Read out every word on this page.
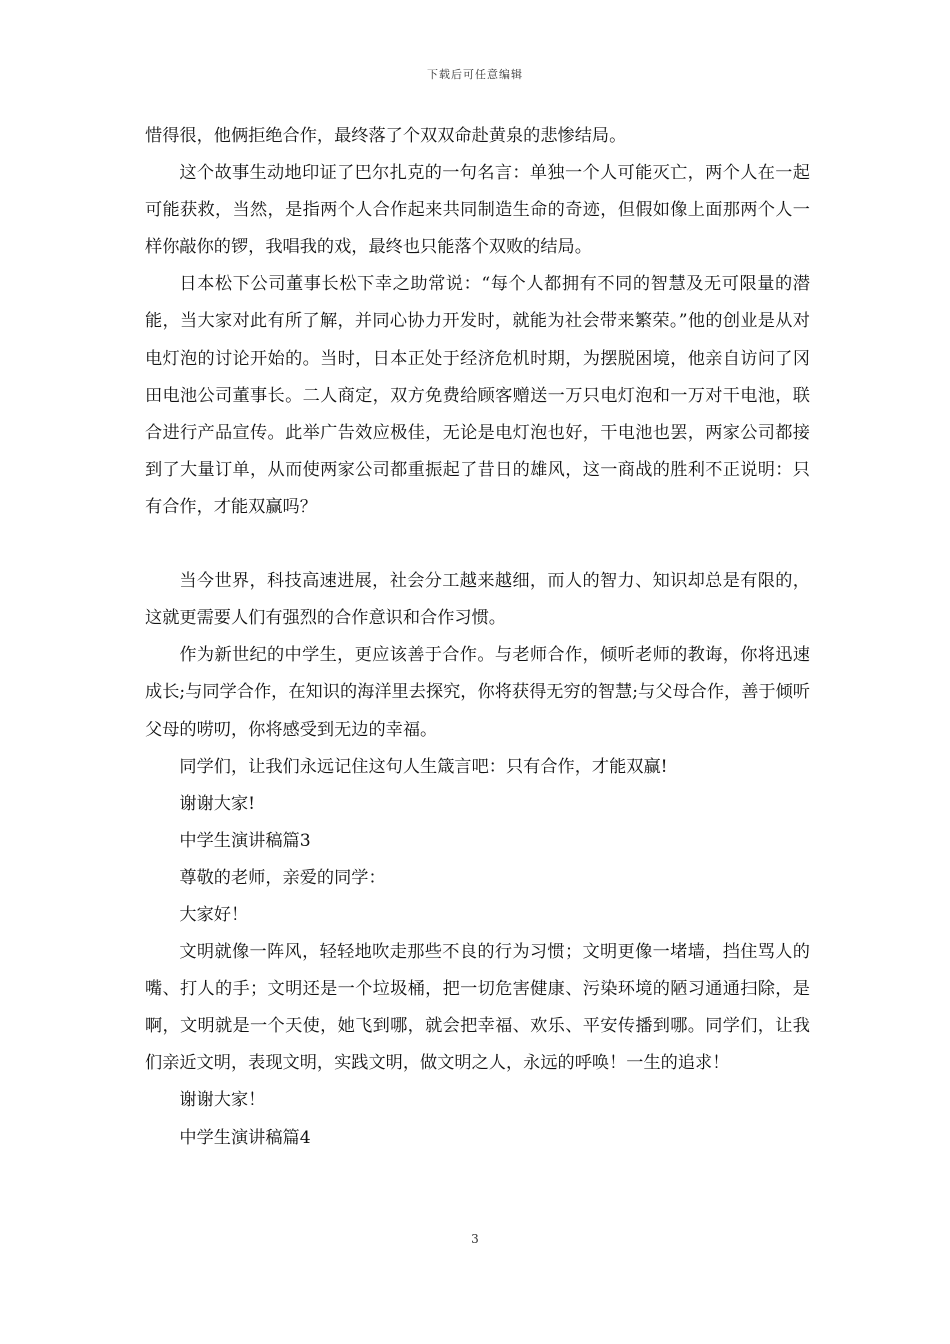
下载后可任意编辑

惜得很，他俩拒绝合作，最终落了个双双命赴黄泉的悲惨结局。

这个故事生动地印证了巴尔扎克的一句名言：单独一个人可能灭亡，两个人在一起可能获救，当然，是指两个人合作起来共同制造生命的奇迹，但假如像上面那两个人一样你敲你的锣，我唱我的戏，最终也只能落个双败的结局。

日本松下公司董事长松下幸之助常说：“每个人都拥有不同的智慧及无可限量的潜能，当大家对此有所了解，并同心协力开发时，就能为社会带来繁荣。”他的创业是从对电灯泡的讨论开始的。当时，日本正处于经济危机时期，为摆脱困境，他亲自访问了冈田电池公司董事长。二人商定，双方免费给顾客赠送一万只电灯泡和一万对干电池，联合进行产品宣传。此举广告效应极佳，无论是电灯泡也好，干电池也罢，两家公司都接到了大量订单，从而使两家公司都重振起了昔日的雄风，这一商战的胜利不正说明：只有合作，才能双赢吗？

当今世界，科技高速进展，社会分工越来越细，而人的智力、知识却总是有限的，这就更需要人们有强烈的合作意识和合作习惯。

作为新世纪的中学生，更应该善于合作。与老师合作，倾听老师的教诲，你将迅速成长;与同学合作，在知识的海洋里去探究，你将获得无穷的智慧;与父母合作，善于倾听父母的唠叨，你将感受到无边的幸福。

同学们，让我们永远记住这句人生箴言吧：只有合作，才能双赢!

谢谢大家!

中学生演讲稿篇3

尊敬的老师，亲爱的同学：

大家好！

文明就像一阵风，轻轻地吹走那些不良的行为习惯；文明更像一堵墙，挡住骂人的嘴、打人的手；文明还是一个垃圾桶，把一切危害健康、污染环境的陋习通通扫除，是啊，文明就是一个天使，她飞到哪，就会把幸福、欢乐、平安传播到哪。同学们，让我们亲近文明，表现文明，实践文明，做文明之人，永远的呼唤！一生的追求！

谢谢大家！

中学生演讲稿篇4

3
